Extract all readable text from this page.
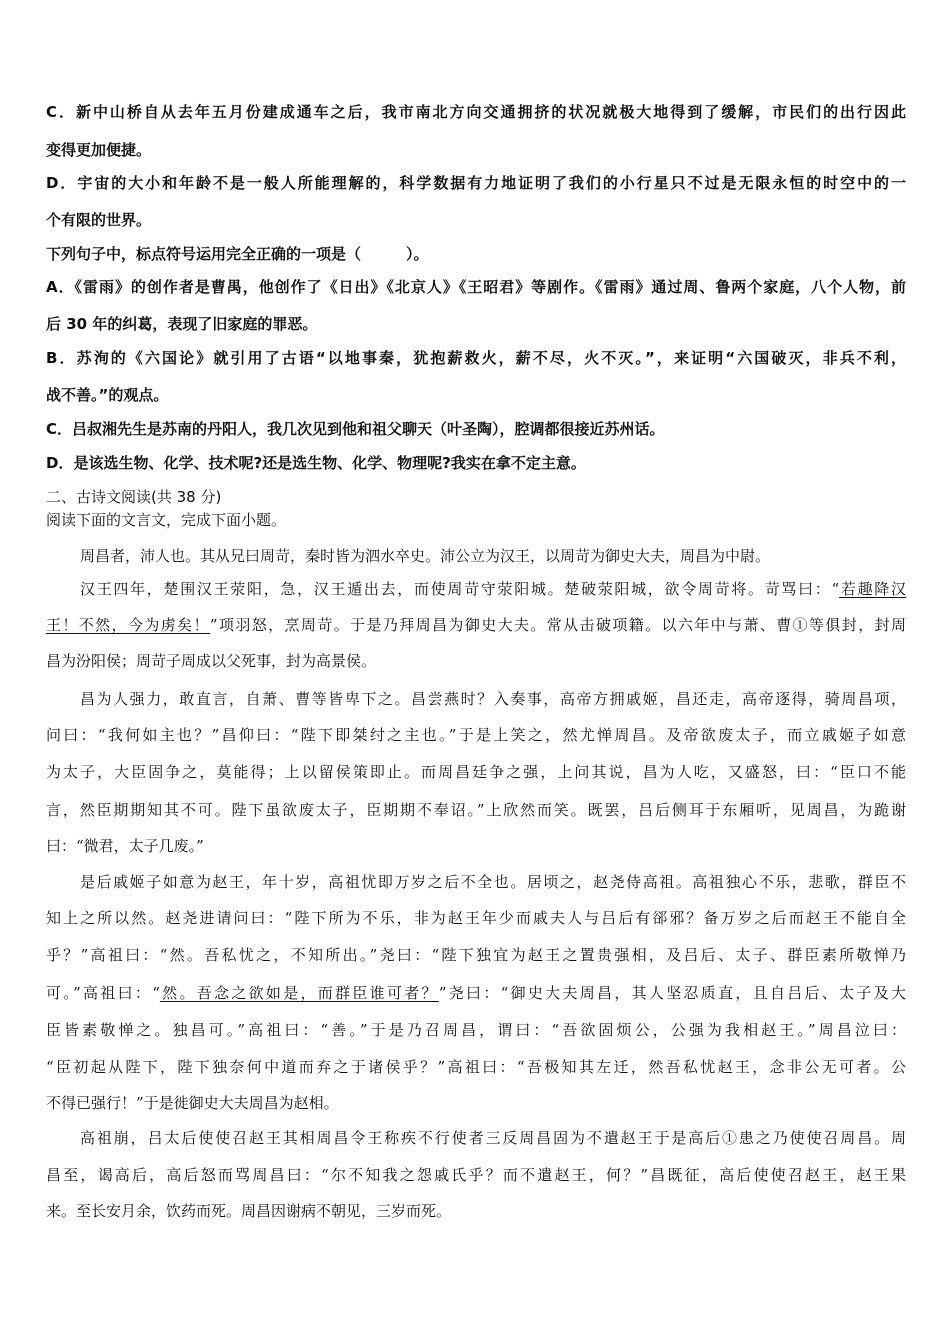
C．新中山桥自从去年五月份建成通车之后，我市南北方向交通拥挤的状况就极大地得到了缓解，市民们的出行因此
变得更加便捷。
D．宇宙的大小和年龄不是一般人所能理解的，科学数据有力地证明了我们的小行星只不过是无限永恒的时空中的一
个有限的世界。
下列句子中，标点符号运用完全正确的一项是（　　　）。
A．《雷雨》的创作者是曹禺，他创作了《日出》《北京人》《王昭君》等剧作。《雷雨》通过周、鲁两个家庭，八个人物，前
后 30 年的纠葛，表现了旧家庭的罪恶。
B．苏洵的《六国论》就引用了古语“以地事秦，犹抱薪救火，薪不尽，火不灭。”，来证明“六国破灭，非兵不利，
战不善。”的观点。
C．吕叔湘先生是苏南的丹阳人，我几次见到他和祖父聊天（叶圣陶），腔调都很接近苏州话。
D．是该选生物、化学、技术呢?还是选生物、化学、物理呢?我实在拿不定主意。
二、古诗文阅读(共 38 分)
阅读下面的文言文，完成下面小题。
周昌者，沛人也。其从兄曰周苛，秦时皆为泗水卒史。沛公立为汉王，以周苛为御史大夫，周昌为中尉。
汉王四年，楚围汉王荥阳，急，汉王遁出去，而使周苛守荥阳城。楚破荥阳城，欲令周苛将。苛骂曰：“若趣降汉
王！不然，今为虏矣！”项羽怒，烹周苛。于是乃拜周昌为御史大夫。常从击破项籍。以六年中与萧、曹①等俱封，封周
昌为汾阳侯；周苛子周成以父死事，封为高景侯。
昌为人强力，敢直言，自萧、曹等皆卑下之。昌尝燕时？入奏事，高帝方拥戚姬，昌还走，高帝逐得，骑周昌项，
问曰：“我何如主也？”昌仰曰：“陛下即桀纣之主也。”于是上笑之，然尤惮周昌。及帝欲废太子，而立戚姬子如意
为太子，大臣固争之，莫能得；上以留侯策即止。而周昌廷争之强，上问其说，昌为人吃，又盛怒，曰：“臣口不能
言，然臣期期知其不可。陛下虽欲废太子，臣期期不奉诏。”上欣然而笑。既罢，吕后侧耳于东厢听，见周昌，为跪谢
曰：“微君，太子几废。”
是后戚姬子如意为赵王，年十岁，高祖忧即万岁之后不全也。居顷之，赵尧侍高祖。高祖独心不乐，悲歌，群臣不
知上之所以然。赵尧进请问曰：“陛下所为不乐，非为赵王年少而戚夫人与吕后有郤邪？备万岁之后而赵王不能自全
乎？”高祖曰：“然。吾私忧之，不知所出。”尧曰：“陛下独宜为赵王之置贵强相，及吕后、太子、群臣素所敬惮乃
可。”高祖曰：“然。吾念之欲如是，而群臣谁可者？”尧曰：“御史大夫周昌，其人坚忍质直，且自吕后、太子及大
臣皆素敬惮之。独昌可。”高祖曰：“善。”于是乃召周昌，谓曰：“吾欲固烦公，公强为我相赵王。”周昌泣曰：
“臣初起从陛下，陛下独奈何中道而弃之于诸侯乎？”高祖曰：“吾极知其左迁，然吾私忧赵王，念非公无可者。公
不得已强行！”于是徙御史大夫周昌为赵相。
高祖崩，吕太后使使召赵王其相周昌令王称疾不行使者三反周昌固为不遣赵王于是高后①患之乃使使召周昌。周
昌至，谒高后，高后怒而骂周昌曰：“尔不知我之怨戚氏乎？而不遣赵王，何？”昌既征，高后使使召赵王，赵王果
来。至长安月余，饮药而死。周昌因谢病不朝见，三岁而死。
